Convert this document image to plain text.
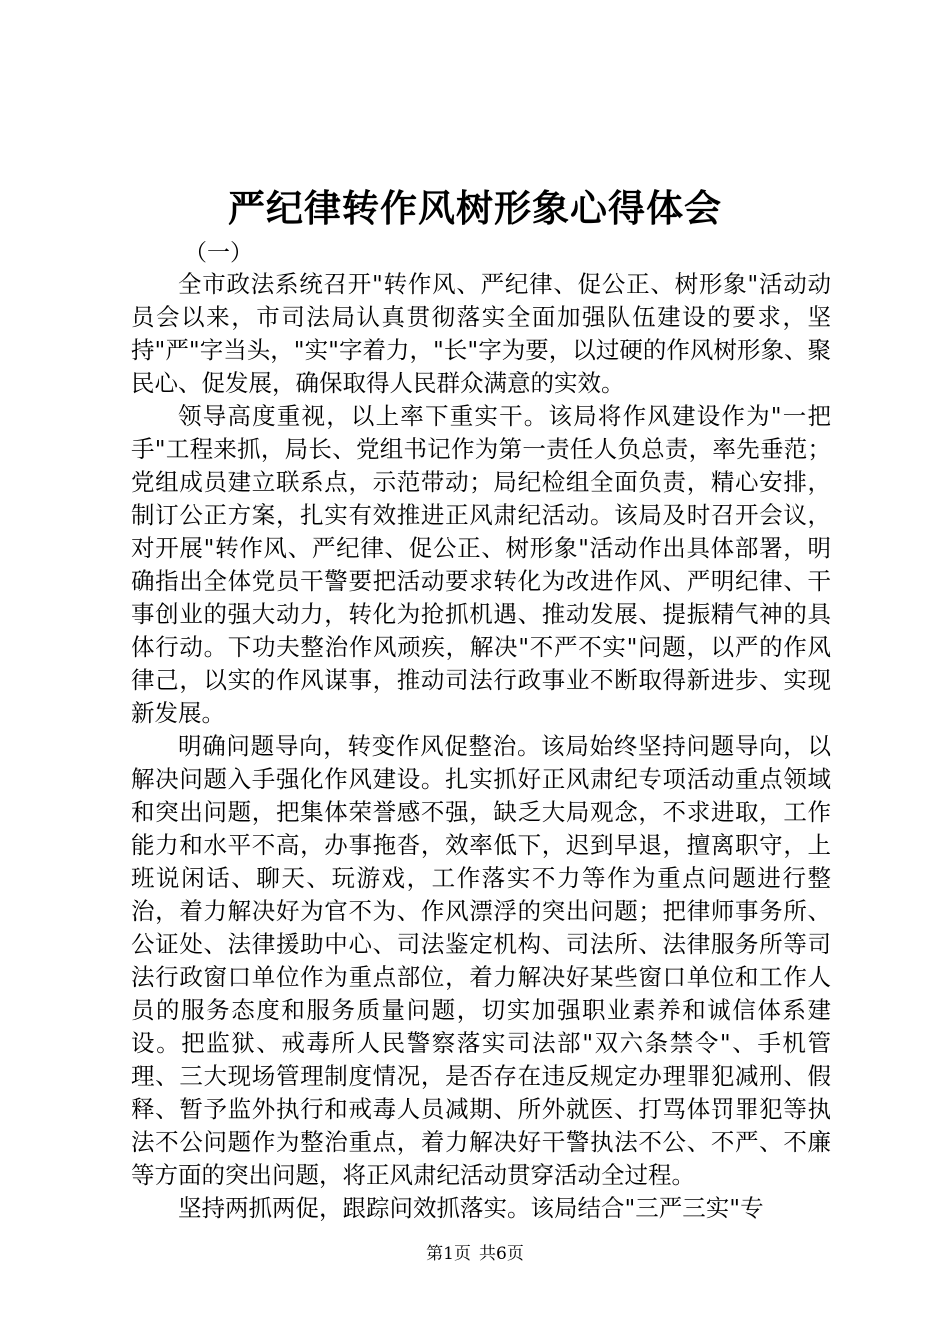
严纪律转作风树形象心得体会
（一）

全市政法系统召开"转作风、严纪律、促公正、树形象"活动动员会以来，市司法局认真贯彻落实全面加强队伍建设的要求，坚持"严"字当头，"实"字着力，"长"字为要，以过硬的作风树形象、聚民心、促发展，确保取得人民群众满意的实效。

领导高度重视，以上率下重实干。该局将作风建设作为"一把手"工程来抓，局长、党组书记作为第一责任人负总责，率先垂范；党组成员建立联系点，示范带动；局纪检组全面负责，精心安排，制订公正方案，扎实有效推进正风肃纪活动。该局及时召开会议，对开展"转作风、严纪律、促公正、树形象"活动作出具体部署，明确指出全体党员干警要把活动要求转化为改进作风、严明纪律、干事创业的强大动力，转化为抢抓机遇、推动发展、提振精气神的具体行动。下功夫整治作风顽疾，解决"不严不实"问题，以严的作风律己，以实的作风谋事，推动司法行政事业不断取得新进步、实现新发展。

明确问题导向，转变作风促整治。该局始终坚持问题导向，以解决问题入手强化作风建设。扎实抓好正风肃纪专项活动重点领域和突出问题，把集体荣誉感不强，缺乏大局观念，不求进取，工作能力和水平不高，办事拖沓，效率低下，迟到早退，擅离职守，上班说闲话、聊天、玩游戏，工作落实不力等作为重点问题进行整治，着力解决好为官不为、作风漂浮的突出问题；把律师事务所、公证处、法律援助中心、司法鉴定机构、司法所、法律服务所等司法行政窗口单位作为重点部位，着力解决好某些窗口单位和工作人员的服务态度和服务质量问题，切实加强职业素养和诚信体系建设。把监狱、戒毒所人民警察落实司法部"双六条禁令"、手机管理、三大现场管理制度情况，是否存在违反规定办理罪犯减刑、假释、暂予监外执行和戒毒人员减期、所外就医、打骂体罚罪犯等执法不公问题作为整治重点，着力解决好干警执法不公、不严、不廉等方面的突出问题，将正风肃纪活动贯穿活动全过程。

坚持两抓两促，跟踪问效抓落实。该局结合"三严三实"专

第1页 共6页
